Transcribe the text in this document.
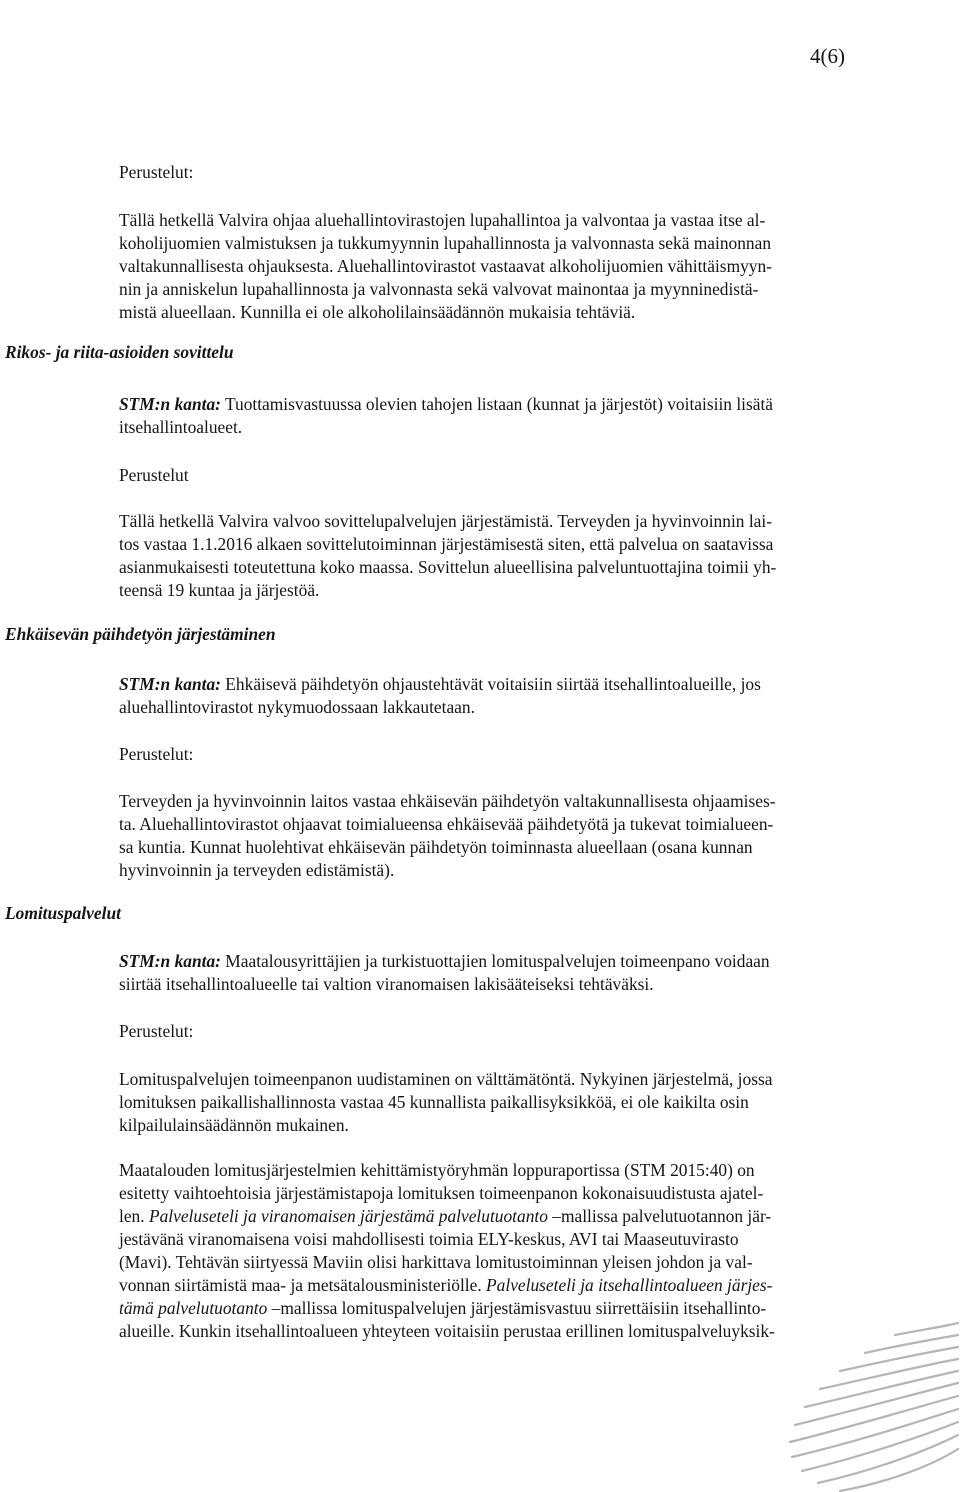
4(6)
Perustelut:
Tällä hetkellä Valvira ohjaa aluehallintovirastojen lupahallintoa ja valvontaa ja vastaa itse al-
koholijuomien valmistuksen ja tukkumyynnin lupahallinnosta ja valvonnasta sekä mainonnan
valtakunnallisesta ohjauksesta. Aluehallintovirastot vastaavat alkoholijuomien vähittäismyyn-
nin ja anniskelun lupahallinnosta ja valvonnasta sekä valvovat mainontaa ja myynninedistä-
mistä alueellaan. Kunnilla ei ole alkoholilainsäädännön mukaisia tehtäviä.
Rikos- ja riita-asioiden sovittelu
STM:n kanta: Tuottamisvastuussa olevien tahojen listaan (kunnat ja järjestöt) voitaisiin lisätä
itsehallintoalueet.
Perustelut
Tällä hetkellä Valvira valvoo sovittelupalvelujen järjestämistä. Terveyden ja hyvinvoinnin lai-
tos vastaa 1.1.2016 alkaen sovittelutoiminnan järjestämisestä siten, että palvelua on saatavissa
asianmukaisesti toteutettuna koko maassa. Sovittelun alueellisina palveluntuottajina toimii yh-
teensä 19 kuntaa ja järjestöä.
Ehkäisevän päihdetyön järjestäminen
STM:n kanta: Ehkäisevä päihdetyön ohjaustehtävät voitaisiin siirtää itsehallintoalueille, jos
aluehallintovirastot nykymuodossaan lakkautetaan.
Perustelut:
Terveyden ja hyvinvoinnin laitos vastaa ehkäisevän päihdetyön valtakunnallisesta ohjaamises-
ta. Aluehallintovirastot ohjaavat toimialueensa ehkäisevää päihdetyötä ja tukevat toimialueen-
sa kuntia. Kunnat huolehtivat ehkäisevän päihdetyön toiminnasta alueellaan (osana kunnan
hyvinvoinnin ja terveyden edistämistä).
Lomituspalvelut
STM:n kanta: Maatalousyrittäjien ja turkistuottajien lomituspalvelujen toimeenpano voidaan
siirtää itsehallintoalueelle tai valtion viranomaisen lakisääteiseksi tehtäväksi.
Perustelut:
Lomituspalvelujen toimeenpanon uudistaminen on välttämätöntä. Nykyinen järjestelmä, jossa
lomituksen paikallishallinnosta vastaa 45 kunnallista paikallisyksikköä, ei ole kaikilta osin
kilpailulainsäädännön mukainen.
Maatalouden lomitusjärjestelmien kehittämistyöryhmän loppuraportissa (STM 2015:40) on
esitetty vaihtoehtoisia järjestämistapoja lomituksen toimeenpanon kokonaisuudistusta ajatel-
len. Palveluseteli ja viranomaisen järjestämä palvelutuotanto –mallissa palvelutuotannon jär-
jestävänä viranomaisena voisi mahdollisesti toimia ELY-keskus, AVI tai Maaseutuvirasto
(Mavi). Tehtävän siirtyessä Maviin olisi harkittava lomitustoiminnan yleisen johdon ja val-
vonnan siirtämistä maa- ja metsätalousministeriölle. Palveluseteli ja itsehallintoalueen järjes-
tämä palvelutuotanto –mallissa lomituspalvelujen järjestämisvastuu siirrettäisiin itsehallinto-
alueille. Kunkin itsehallintoalueen yhteyteen voitaisiin perustaa erillinen lomituspalveluyksik-
